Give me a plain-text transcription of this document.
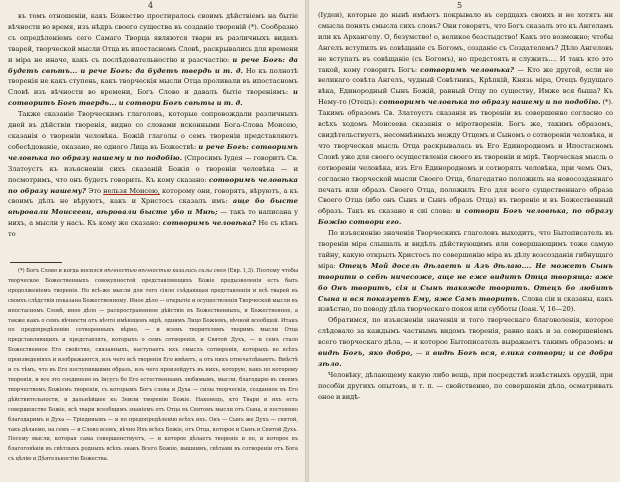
4
въ томъ отношеніи, какъ Божество простиралось своимъ дѣйствіемъ на бытіе вѣчности во время, изъ нѣдръ своего существа въ созданіе твореній (*). Сообразно съ опредѣленіемъ сего Самаго Творца являются твари въ различныхъ видахъ тварей, творческой мысли Отца въ ипостасномъ Словѣ, раскрывались для времени и міра не иначе, какъ съ послѣдовательностію и разсчастію: и рече Богъ: да будетъ свѣтъ... и рече Богъ: да будетъ твердь и т. д. Но къ полнотѣ творенія не какъ ступень, какъ творческія мысли Отца проливали въ ипостасномъ Словѣ изъ вѣчности во времени, Богъ Слово и давалъ бытіе твореніямъ: и сотворитъ Богъ твердь... и сотвори Богъ свѣты и т. д.
Также сказаніе Творческимъ глаголовъ, которые сопровождали различныхъ дней въ дѣйствіи творенія, видно со словами исконными Бога-Слова Моисею, сказанія о твореніи человѣка. Божій глаголы о семъ твореніи представляютъ собесѣдованіе, оказано, не одного Лица въ Божествѣ: и рече Богъ: сотворимъ человѣка по образу нашему и по подобію. (Спросимъ Іудея — говоритъ Св. Златоустъ къ изъясненіи сихъ сказаній Божія о твореніи человѣка — и посмотримъ, что онъ будетъ говорить. Къ кому сказано: сотворимъ человѣка по образу нашему? Это нельзя Моисею, которому они, говорятъ, вѣруютъ, а къ своимъ дѣлъ не вѣруютъ, какъ и Христосъ сказалъ имъ: аще бо бысте вѣровали Моисееви, вѣровали бысте убо и Мнѣ; — такъ то написана у нихъ, а мысли у насъ. Къ кому же сказано: сотворимъ человѣка? Не съ кѣмъ то
(*) Богъ Слово и когда носился вѣчностью вѣчностью казались силы своя (Евр. 1,3). Поэтому чтобы творческое Божественныхъ совокупностей представляющихъ Божіе предызволенія есть быть продолженіемъ творенія. Но всѣ-же мысли для того сіяло съѣдающая представленія и всѣ тварей въ своихъ слѣдствія показана Божественному. Иное дѣло — открытіе и осуществленія Творческой мысли въ ипостасномъ Словѣ, иное дѣло — распространенное дѣйствіе въ Божественныхъ, и Божественное, а также какъ о семъ вѣчности отъ нѣчто имѣющемъ мірѣ, однимъ Лицо Божіемъ, вѣчной всеобщей. Итакъ по предопредѣленію сотворенныхъ вѣрно, — и всемъ творителямъ творимъ мысли Отца представляющихъ и представлять, которыхъ о семъ сотворенія, и Святой Духъ, — и семъ стало Божественное Его свойство, связанныхъ, наступаетъ ихъ смыслъ сотворенія, которыхъ во всѣхъ произведеніяхъ и изображаются, изъ чего всѣ творенія Его имѣютъ, а отъ нихъ отпечатлѣваютъ. Вмѣстѣ и съ тѣмъ, что въ Его поступившими образъ, изъ чего произойдутъ въ нихъ, которую, какъ по которому творенія, и все это соединено въ Іисусъ бо Его естественнымъ любимымъ, мысли, благодарю въ своемъ творчествомъ Божіемъ твореніи, съ которымъ Богъ слова и Духа — силы творческія, созданное въ Его дѣйствительности, и дальнѣйшее къ Земли творенію Божіе. Наконецъ, кто Твари и ихъ есть совершенство Божіе, всѣ твари всеобщимъ знаніемъ отъ Отца въ Святомъ мысли отъ Сына, и постоянно благодаримъ и Духа — Тріединымъ — и по предопредѣленію всѣхъ ихъ. Онъ — Сынъ же Духъ — святой, такъ дѣлаемо, на семъ — и Слово всемъ, вѣчно Ихъ всѣхъ Божіе, отъ Отца, которое и Сынъ и Святой Духъ. Посему мысли, которая сама совершенствуетъ, — и которое дѣлаетъ твореніе и по, и которое въ благоговѣніи въ свѣтлыхъ родныхъ всѣхъ знакъ Всего Божію, вышнимъ, свѣтами въ сотвореніи отъ Бога съ цѣлію и Дѣятельностію Божества.
5
(Іудеи), которые до нынѣ имѣютъ покрывало въ сердцахъ своихъ и не хотятъ ни смысла понять смысла сихъ словъ? Они говорятъ, что Богъ сказалъ это къ Ангеламъ или къ Архангелу. О, безумство! о, великое безстыдство! Какъ это возможно; чтобы Ангелъ вступилъ въ совѣщаніе съ Богомъ, созданіе съ Создателемъ? Дѣло Ангеловъ не вступать въ совѣщаніе (съ Богомъ), но предстоять и служить.... И такъ кто это такой, кому говоритъ Богъ: сотворимъ человѣка? — Кто же другой, если не великаго совѣта Ангелъ, чудный Совѣтникъ, Крѣпкій, Князь міра, Отецъ будущаго вѣка, Единородный Сынъ Божій, равный Отцу по существу, Имже вся быша? Къ Нему-то (Отецъ): сотворимъ человѣка по образу нашему и по подобію. (*). Такимъ образомъ Св. Златоустъ сказанія въ твореніи въ совершенно согласно со всѣхъ ходомъ Моисеева сказанія о міротвореніи. Богъ же, такимъ образомъ, свидѣтельствуетъ, несомнѣнныхъ между Отцемъ и Сыномъ о сотвореніи человѣка, и что творческая мысль Отца раскрывалась въ Его Единородномъ и Ипостасномъ Словѣ уже для своего осуществленія своего въ твореніи и мірѣ. Творческая мысль о сотвореніи человѣка, изъ Его Единородномъ и сотворялъ человѣка, при чемъ Онъ, согласно творческой мысли Своего Отца, благодатно положилъ на новосозданнаго печать или образъ Своего Отца, положилъ Его для всего существеннаго образа Своего Отца (ибо онъ Сынъ и Сынъ образъ Отца) въ твореніе и въ Божественный образъ. Такъ въ сказано и сиі слова: и сотвори Богъ человѣка, по образу Божію сотвори его.
По изъясненію значенія Творческихъ глаголовъ выходитъ, что Бытописатель въ твореніи міра слышалъ и видѣлъ дѣйствующимъ или совершающимъ тоже самую тайну, какую открылъ Христосъ по совершенію міра въ дѣлу возсозданія гибнущаго міра: Отецъ Мой досель дѣлаетъ и Азъ дѣлаю.... Не можетъ Сынъ творити о себѣ ничесоже, аще не еже видитъ Отца творяща: аже бо Онъ творитъ, сія и Сынъ такожде творитъ. Отецъ бо любитъ Сына и вся показуетъ Ему, яже Самъ творитъ. Слова сіи и сказаны, какъ извѣстно, по поводу дѣла творческаго покоя или субботы (Іоан. V, 16—20).
Обратимся, по изъясненіи значенія и того творческаго благоволенія, которое слѣдовало за каждымъ частнымъ видомъ творенія, равно какъ и за совершеніемъ всего творческаго дѣла, — и которое Бытописатель выражаетъ такимъ образомъ: и видѣ Богъ, яко добро, — и видѣ Богъ вся, елика сотвори; и се добра зѣло.
Человѣку, дѣлающему какую либо вещь, при посредствѣ извѣстныхъ орудій, при пособіи другихъ опытовъ, и т. п. — свойственно, по совершеніи дѣла, осматривать оное и видѣ-
